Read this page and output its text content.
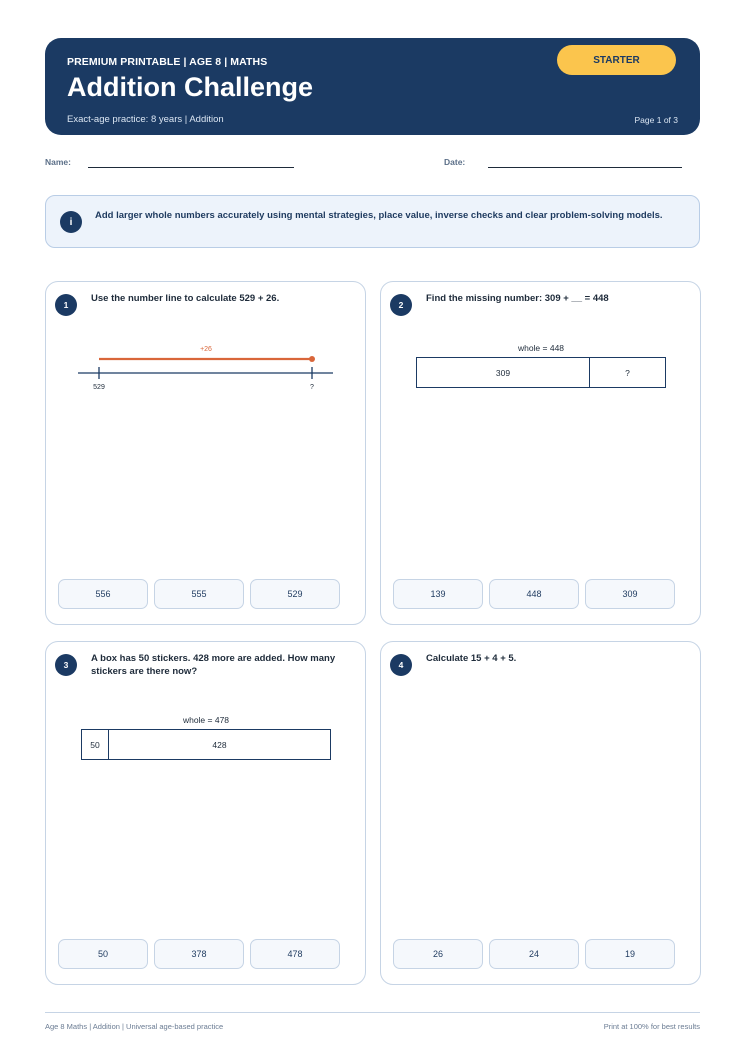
PREMIUM PRINTABLE | AGE 8 | MATHS
Addition Challenge
Exact-age practice: 8 years | Addition	Page 1 of 3
STARTER
Name:	Date:
i
Add larger whole numbers accurately using mental strategies, place value, inverse checks and clear problem-solving models.
1
Use the number line to calculate 529 + 26.
+26
529	?
556	555	529
2
Find the missing number: 309 + __ = 448
whole = 448
309	?
139	448	309
3
A box has 50 stickers. 428 more are added. How many stickers are there now?
whole = 478
50	428
50	378	478
4
Calculate 15 + 4 + 5.
26	24	19
Age 8 Maths | Addition | Universal age-based practice	Print at 100% for best results
